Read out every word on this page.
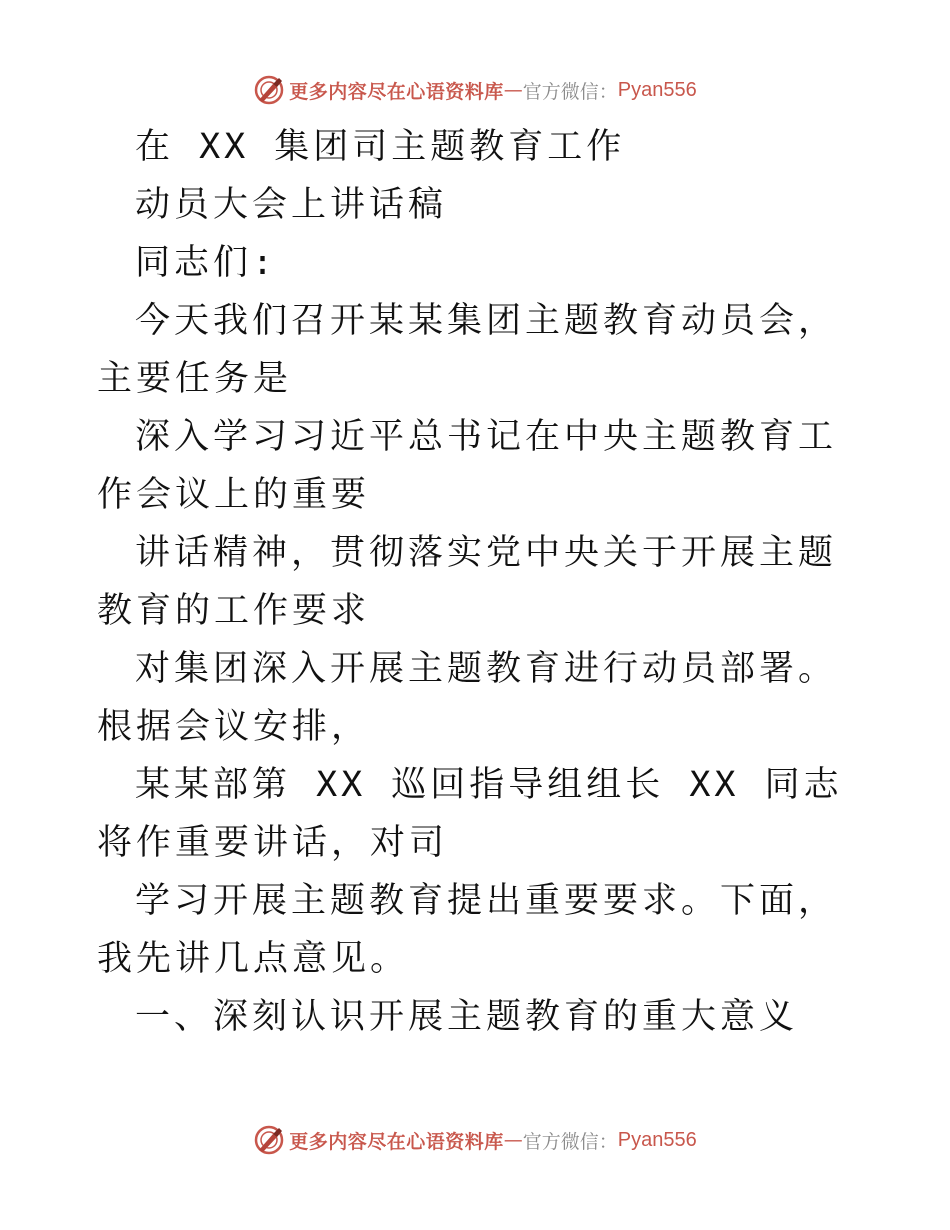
更多内容尽在心语资料库 — 官方微信： Pyan556

在 XX 集团司主题教育工作

动员大会上讲话稿

同志们:

今天我们召开某某集团主题教育动员会，主要任务是

深入学习习近平总书记在中央主题教育工作会议上的重要

讲话精神，贯彻落实党中央关于开展主题教育的工作要求

对集团深入开展主题教育进行动员部署。根据会议安排，

某某部第 XX 巡回指导组组长 XX 同志将作重要讲话，对司

学习开展主题教育提出重要要求。下面，我先讲几点意见。

一、深刻认识开展主题教育的重大意义

更多内容尽在心语资料库 — 官方微信： Pyan556
